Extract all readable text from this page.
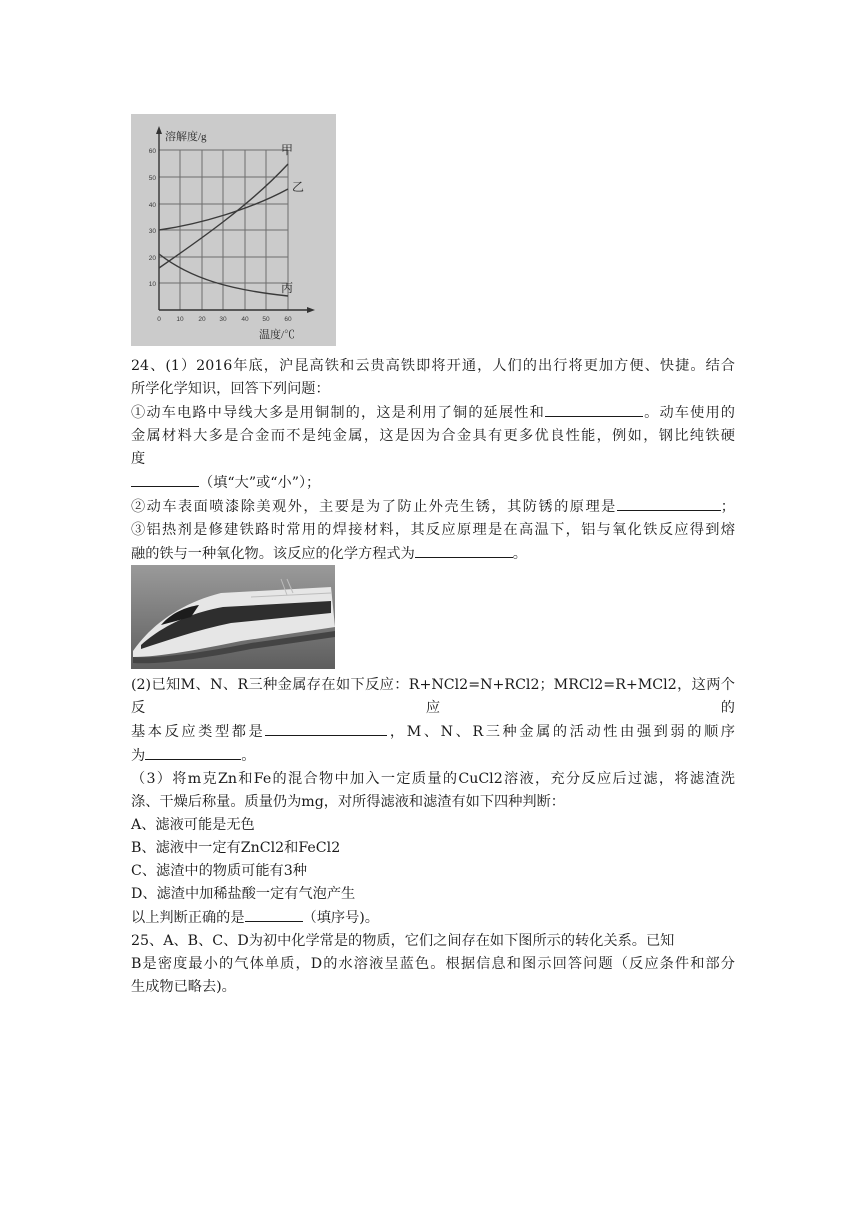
溶解度/g
温度/℃
甲
乙
丙
60
50
40
30
20
10
0 10 20 30 40 50 60
24、(1）2016年底，沪昆高铁和云贵高铁即将开通，人们的出行将更加方便、快捷。结合
所学化学知识，回答下列问题：
①动车电路中导线大多是用铜制的，这是利用了铜的延展性和	。动车使用的
金属材料大多是合金而不是纯金属，这是因为合金具有更多优良性能，例如，钢比纯铁硬
度
（填“大”或“小”）；
②动车表面喷漆除美观外，主要是为了防止外壳生锈，其防锈的原理是	；
③铝热剂是修建铁路时常用的焊接材料，其反应原理是在高温下，铝与氧化铁反应得到熔
融的铁与一种氧化物。该反应的化学方程式为	。
(2)已知M、N、R三种金属存在如下反应：R+NCl2=N+RCl2；MRCl2=R+MCl2，这两个反应的
基本反应类型都是	，M、N、R三种金属的活动性由强到弱的顺序
为	。
（3）将m克Zn和Fe的混合物中加入一定质量的CuCl2溶液，充分反应后过滤，将滤渣洗
涤、干燥后称量。质量仍为mg，对所得滤液和滤渣有如下四种判断：
A、滤液可能是无色
B、滤液中一定有ZnCl2和FeCl2
C、滤渣中的物质可能有3种
D、滤渣中加稀盐酸一定有气泡产生
以上判断正确的是	（填序号)。
25、A、B、C、D为初中化学常是的物质，它们之间存在如下图所示的转化关系。已知
B是密度最小的气体单质，D的水溶液呈蓝色。根据信息和图示回答问题（反应条件和部分
生成物已略去)。
